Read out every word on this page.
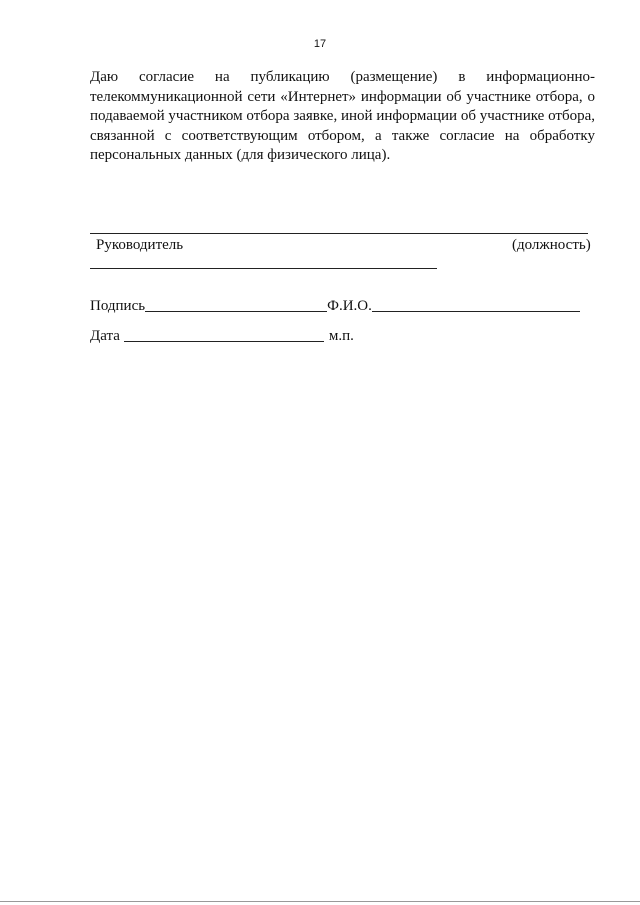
17

Даю согласие на публикацию (размещение) в информационно-телекоммуникационной сети «Интернет» информации об участнике отбора, о подаваемой участником отбора заявке, иной информации об участнике отбора, связанной с соответствующим отбором, а также согласие на обработку персональных данных (для физического лица).

Руководитель	(должность)
Подпись	Ф.И.О.
Дата	м.п.
